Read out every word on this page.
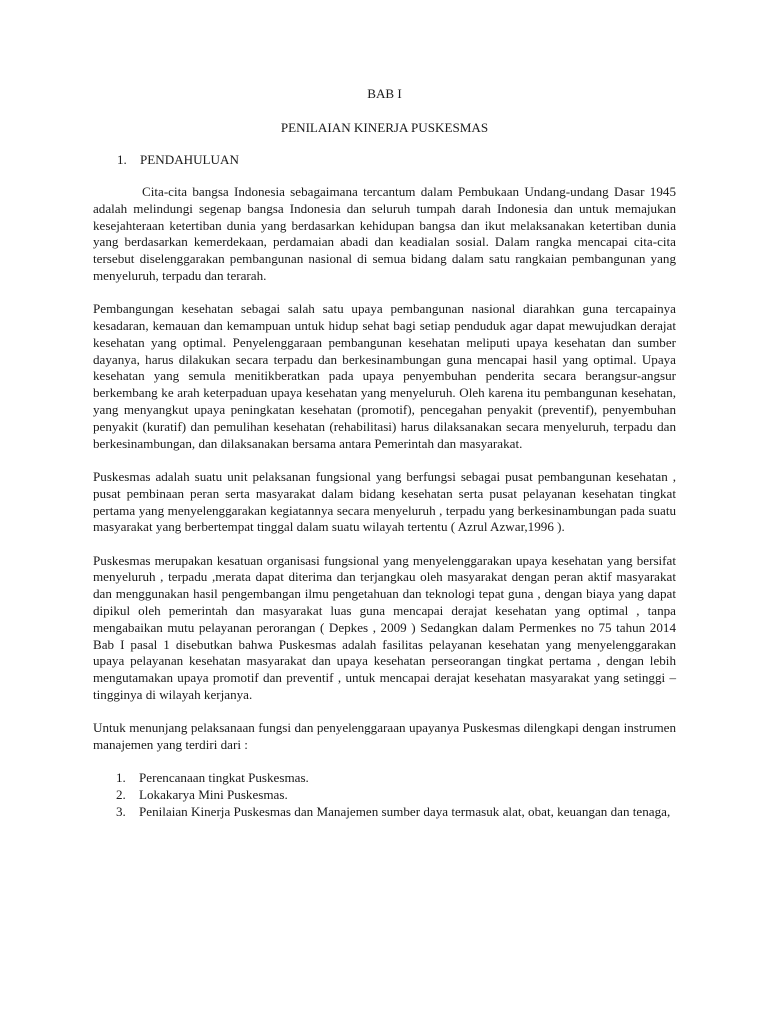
BAB I
PENILAIAN KINERJA PUSKESMAS
1. PENDAHULUAN

Cita-cita bangsa Indonesia sebagaimana tercantum dalam Pembukaan Undang-undang Dasar 1945 adalah melindungi segenap bangsa Indonesia dan seluruh tumpah darah Indonesia dan untuk memajukan kesejahteraan ketertiban dunia yang berdasarkan kehidupan bangsa dan ikut melaksanakan ketertiban dunia yang berdasarkan kemerdekaan, perdamaian abadi dan keadialan sosial. Dalam rangka mencapai cita-cita tersebut diselenggarakan pembangunan nasional di semua bidang dalam satu rangkaian pembangunan yang menyeluruh, terpadu dan terarah.

Pembangungan kesehatan sebagai salah satu upaya pembangunan nasional diarahkan guna tercapainya kesadaran, kemauan dan kemampuan untuk hidup sehat bagi setiap penduduk agar dapat mewujudkan derajat kesehatan yang optimal. Penyelenggaraan pembangunan kesehatan meliputi upaya kesehatan dan sumber dayanya, harus dilakukan secara terpadu dan berkesinambungan guna mencapai hasil yang optimal. Upaya kesehatan yang semula menitikberatkan pada upaya penyembuhan penderita secara berangsur-angsur berkembang ke arah keterpaduan upaya kesehatan yang menyeluruh. Oleh karena itu pembangunan kesehatan, yang menyangkut upaya peningkatan kesehatan (promotif), pencegahan penyakit (preventif), penyembuhan penyakit (kuratif) dan pemulihan kesehatan (rehabilitasi) harus dilaksanakan secara menyeluruh, terpadu dan berkesinambungan, dan dilaksanakan bersama antara Pemerintah dan masyarakat.

Puskesmas adalah suatu unit pelaksanan fungsional yang berfungsi sebagai pusat pembangunan kesehatan , pusat pembinaan peran serta masyarakat dalam bidang kesehatan serta pusat pelayanan kesehatan tingkat pertama yang menyelenggarakan kegiatannya secara menyeluruh , terpadu yang berkesinambungan pada suatu masyarakat yang berbertempat tinggal dalam suatu wilayah tertentu ( Azrul Azwar,1996 ).

Puskesmas merupakan kesatuan organisasi fungsional yang menyelenggarakan upaya kesehatan yang bersifat menyeluruh , terpadu ,merata dapat diterima dan terjangkau oleh masyarakat dengan peran aktif masyarakat dan menggunakan hasil pengembangan ilmu pengetahuan dan teknologi tepat guna , dengan biaya yang dapat dipikul oleh pemerintah dan masyarakat luas guna mencapai derajat kesehatan yang optimal , tanpa mengabaikan mutu pelayanan perorangan ( Depkes , 2009 ) Sedangkan dalam Permenkes no 75 tahun 2014 Bab I pasal 1 disebutkan bahwa Puskesmas adalah fasilitas pelayanan kesehatan yang menyelenggarakan upaya pelayanan kesehatan masyarakat dan upaya kesehatan perseorangan tingkat pertama , dengan lebih mengutamakan upaya promotif dan preventif , untuk mencapai derajat kesehatan masyarakat yang setinggi –tingginya di wilayah kerjanya.

Untuk menunjang pelaksanaan fungsi dan penyelenggaraan upayanya Puskesmas dilengkapi dengan instrumen manajemen yang terdiri dari :

1. Perencanaan tingkat Puskesmas.
2. Lokakarya Mini Puskesmas.
3. Penilaian Kinerja Puskesmas dan Manajemen sumber daya termasuk alat, obat, keuangan dan tenaga,
